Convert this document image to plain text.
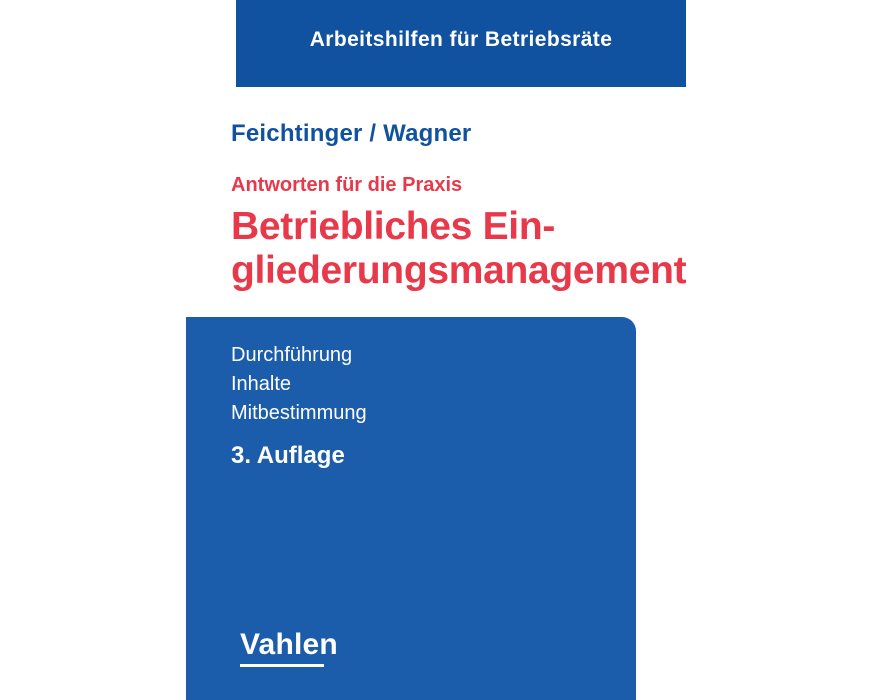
Arbeitshilfen für Betriebsräte
Feichtinger / Wagner
Antworten für die Praxis
Betriebliches Ein-
gliederungsmanagement
Durchführung
Inhalte
Mitbestimmung
3. Auflage
Vahlen
